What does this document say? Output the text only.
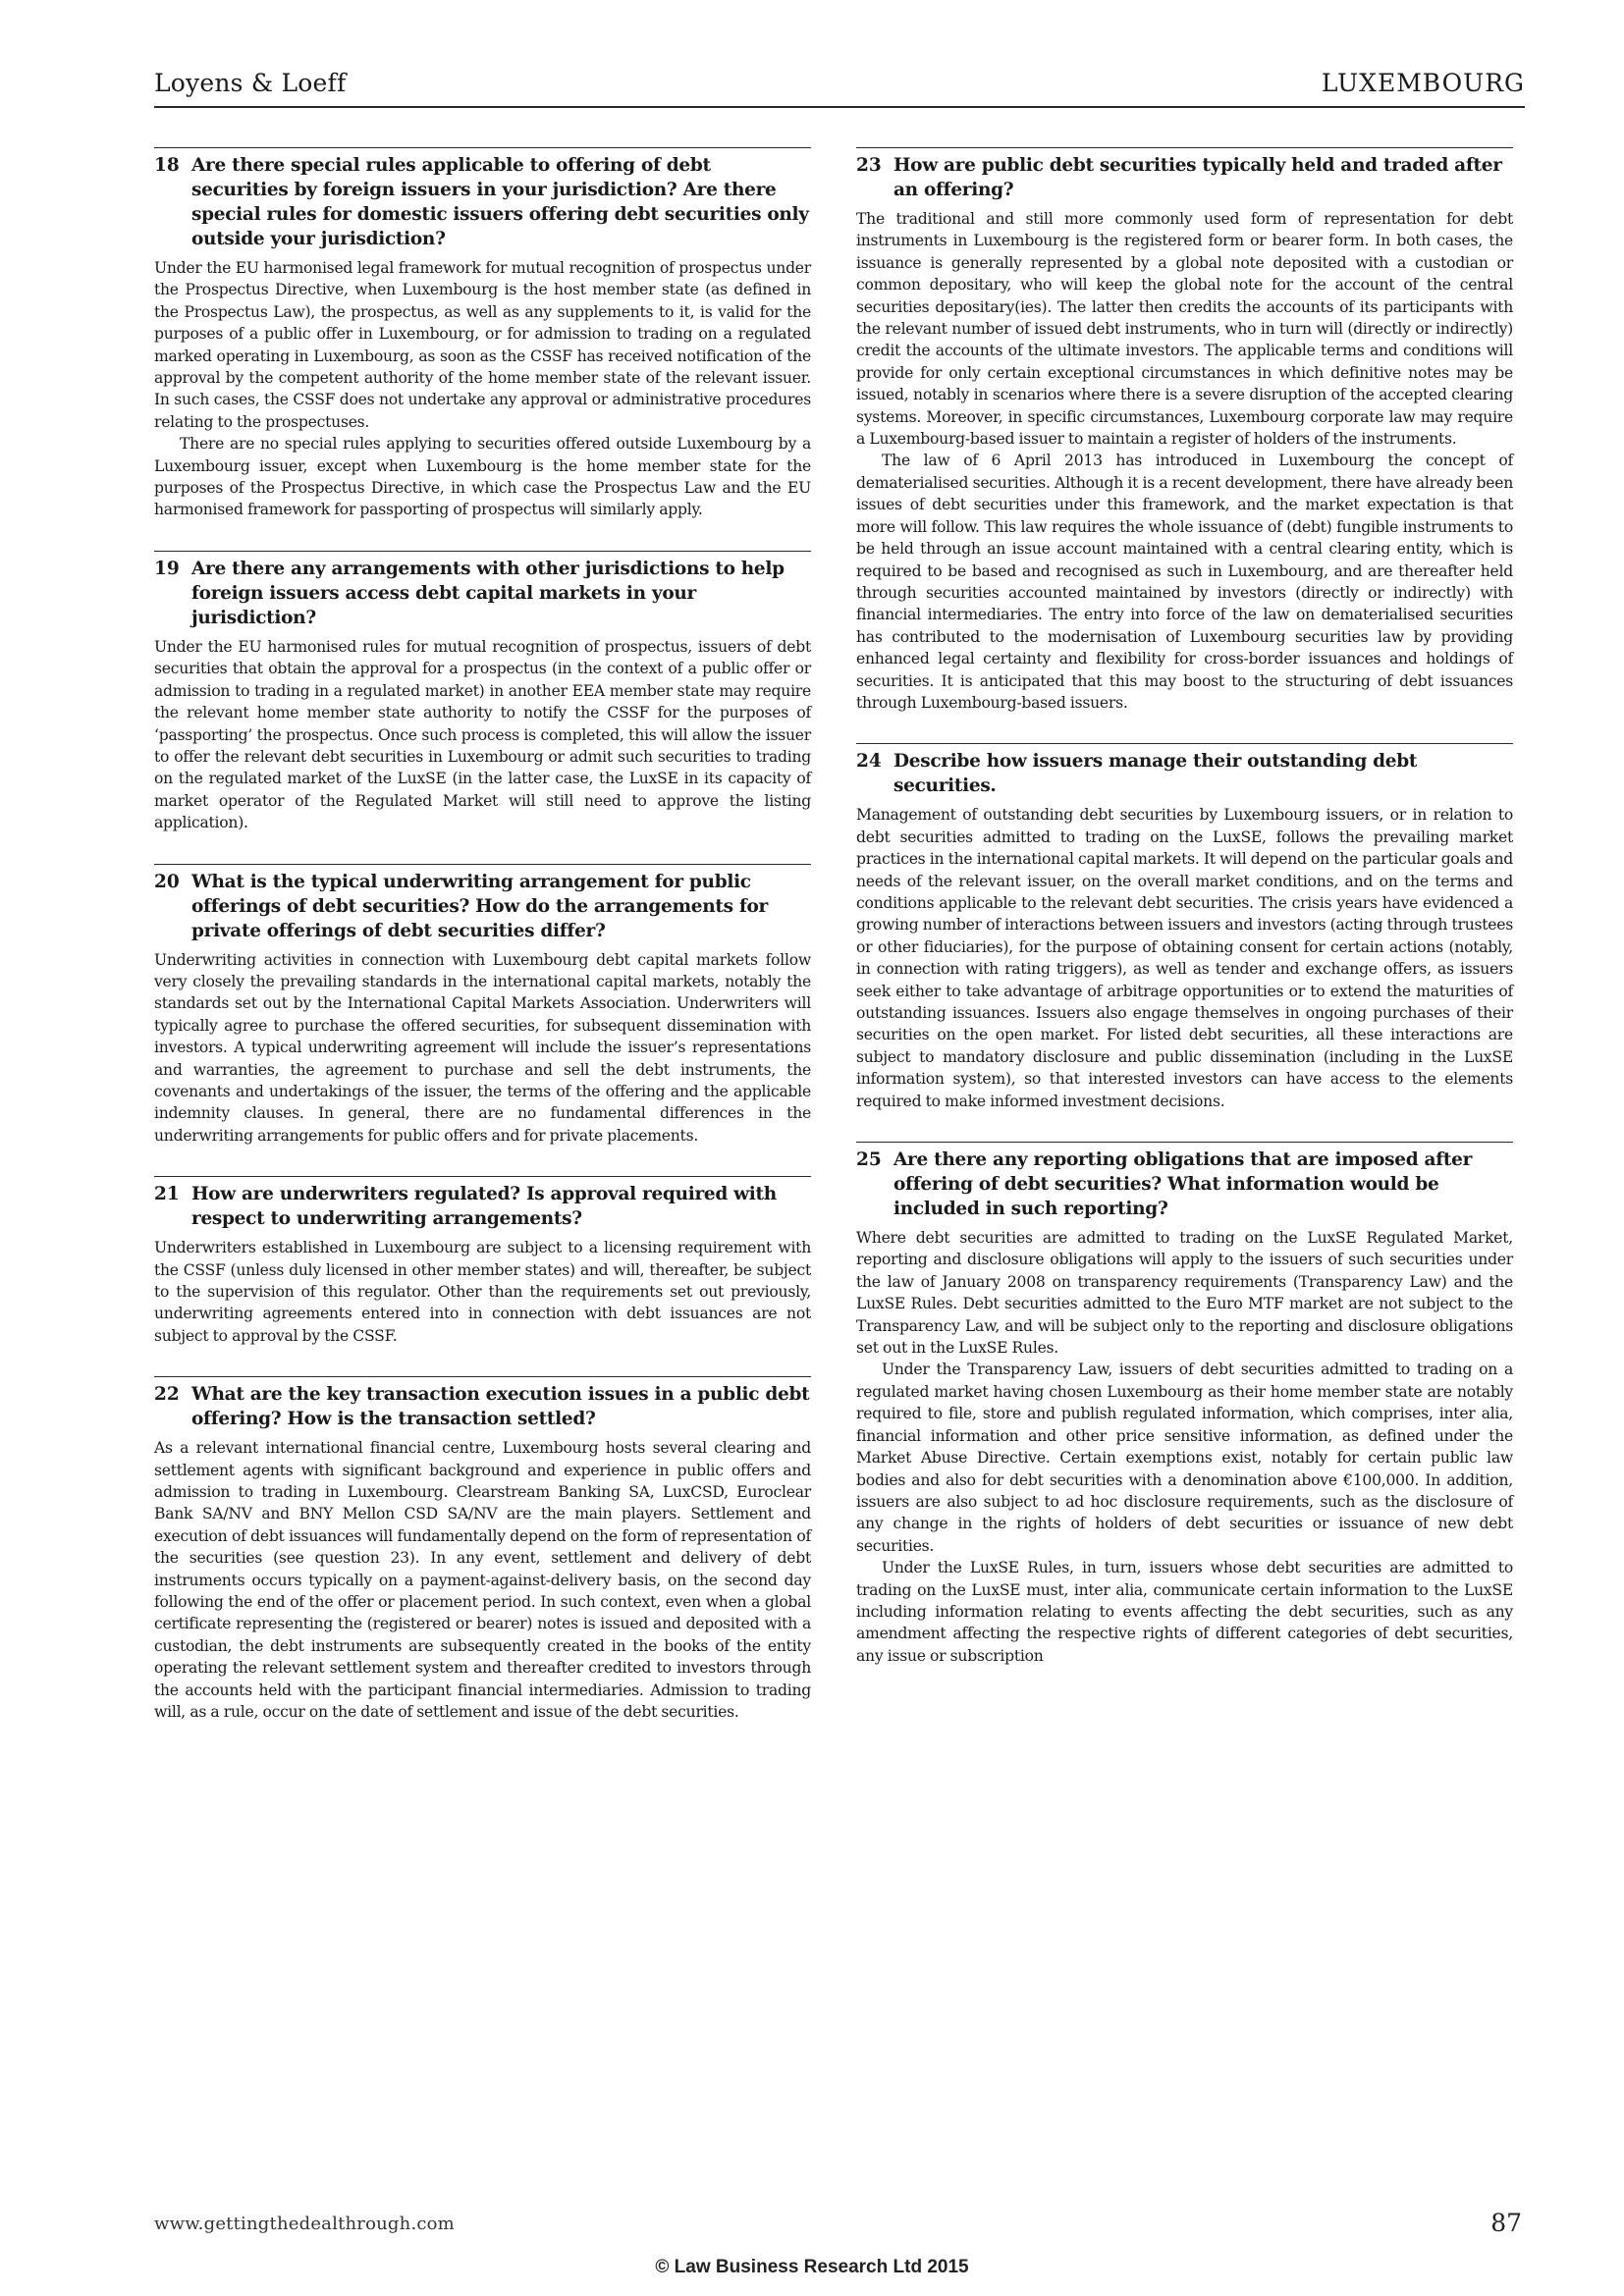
Loyens & Loeff	LUXEMBOURG
18 Are there special rules applicable to offering of debt securities by foreign issuers in your jurisdiction? Are there special rules for domestic issuers offering debt securities only outside your jurisdiction?

Under the EU harmonised legal framework for mutual recognition of prospectus under the Prospectus Directive, when Luxembourg is the host member state (as defined in the Prospectus Law), the prospectus, as well as any supplements to it, is valid for the purposes of a public offer in Luxembourg, or for admission to trading on a regulated marked operating in Luxembourg, as soon as the CSSF has received notification of the approval by the competent authority of the home member state of the relevant issuer. In such cases, the CSSF does not undertake any approval or administrative procedures relating to the prospectuses.

There are no special rules applying to securities offered outside Luxembourg by a Luxembourg issuer, except when Luxembourg is the home member state for the purposes of the Prospectus Directive, in which case the Prospectus Law and the EU harmonised framework for passporting of prospectus will similarly apply.

19 Are there any arrangements with other jurisdictions to help foreign issuers access debt capital markets in your jurisdiction?

Under the EU harmonised rules for mutual recognition of prospectus, issuers of debt securities that obtain the approval for a prospectus (in the context of a public offer or admission to trading in a regulated market) in another EEA member state may require the relevant home member state authority to notify the CSSF for the purposes of ‘passporting’ the prospectus. Once such process is completed, this will allow the issuer to offer the relevant debt securities in Luxembourg or admit such securities to trading on the regulated market of the LuxSE (in the latter case, the LuxSE in its capacity of market operator of the Regulated Market will still need to approve the listing application).

20 What is the typical underwriting arrangement for public offerings of debt securities? How do the arrangements for private offerings of debt securities differ?

Underwriting activities in connection with Luxembourg debt capital markets follow very closely the prevailing standards in the international capital markets, notably the standards set out by the International Capital Markets Association. Underwriters will typically agree to purchase the offered securities, for subsequent dissemination with investors. A typical underwriting agreement will include the issuer’s representations and warranties, the agreement to purchase and sell the debt instruments, the covenants and undertakings of the issuer, the terms of the offering and the applicable indemnity clauses. In general, there are no fundamental differences in the underwriting arrangements for public offers and for private placements.

21 How are underwriters regulated? Is approval required with respect to underwriting arrangements?

Underwriters established in Luxembourg are subject to a licensing requirement with the CSSF (unless duly licensed in other member states) and will, thereafter, be subject to the supervision of this regulator. Other than the requirements set out previously, underwriting agreements entered into in connection with debt issuances are not subject to approval by the CSSF.

22 What are the key transaction execution issues in a public debt offering? How is the transaction settled?

As a relevant international financial centre, Luxembourg hosts several clearing and settlement agents with significant background and experience in public offers and admission to trading in Luxembourg. Clearstream Banking SA, LuxCSD, Euroclear Bank SA/NV and BNY Mellon CSD SA/NV are the main players. Settlement and execution of debt issuances will fundamentally depend on the form of representation of the securities (see question 23). In any event, settlement and delivery of debt instruments occurs typically on a payment-against-delivery basis, on the second day following the end of the offer or placement period. In such context, even when a global certificate representing the (registered or bearer) notes is issued and deposited with a custodian, the debt instruments are subsequently created in the books of the entity operating the relevant settlement system and thereafter credited to investors through the accounts held with the participant financial intermediaries. Admission to trading will, as a rule, occur on the date of settlement and issue of the debt securities.

23 How are public debt securities typically held and traded after an offering?

The traditional and still more commonly used form of representation for debt instruments in Luxembourg is the registered form or bearer form. In both cases, the issuance is generally represented by a global note deposited with a custodian or common depositary, who will keep the global note for the account of the central securities depositary(ies). The latter then credits the accounts of its participants with the relevant number of issued debt instruments, who in turn will (directly or indirectly) credit the accounts of the ultimate investors. The applicable terms and conditions will provide for only certain exceptional circumstances in which definitive notes may be issued, notably in scenarios where there is a severe disruption of the accepted clearing systems. Moreover, in specific circumstances, Luxembourg corporate law may require a Luxembourg-based issuer to maintain a register of holders of the instruments.

The law of 6 April 2013 has introduced in Luxembourg the concept of dematerialised securities. Although it is a recent development, there have already been issues of debt securities under this framework, and the market expectation is that more will follow. This law requires the whole issuance of (debt) fungible instruments to be held through an issue account maintained with a central clearing entity, which is required to be based and recognised as such in Luxembourg, and are thereafter held through securities accounted maintained by investors (directly or indirectly) with financial intermediaries. The entry into force of the law on dematerialised securities has contributed to the modernisation of Luxembourg securities law by providing enhanced legal certainty and flexibility for cross-border issuances and holdings of securities. It is anticipated that this may boost to the structuring of debt issuances through Luxembourg-based issuers.

24 Describe how issuers manage their outstanding debt securities.

Management of outstanding debt securities by Luxembourg issuers, or in relation to debt securities admitted to trading on the LuxSE, follows the prevailing market practices in the international capital markets. It will depend on the particular goals and needs of the relevant issuer, on the overall market conditions, and on the terms and conditions applicable to the relevant debt securities. The crisis years have evidenced a growing number of interactions between issuers and investors (acting through trustees or other fiduciaries), for the purpose of obtaining consent for certain actions (notably, in connection with rating triggers), as well as tender and exchange offers, as issuers seek either to take advantage of arbitrage opportunities or to extend the maturities of outstanding issuances. Issuers also engage themselves in ongoing purchases of their securities on the open market. For listed debt securities, all these interactions are subject to mandatory disclosure and public dissemination (including in the LuxSE information system), so that interested investors can have access to the elements required to make informed investment decisions.

25 Are there any reporting obligations that are imposed after offering of debt securities? What information would be included in such reporting?

Where debt securities are admitted to trading on the LuxSE Regulated Market, reporting and disclosure obligations will apply to the issuers of such securities under the law of January 2008 on transparency requirements (Transparency Law) and the LuxSE Rules. Debt securities admitted to the Euro MTF market are not subject to the Transparency Law, and will be subject only to the reporting and disclosure obligations set out in the LuxSE Rules.

Under the Transparency Law, issuers of debt securities admitted to trading on a regulated market having chosen Luxembourg as their home member state are notably required to file, store and publish regulated information, which comprises, inter alia, financial information and other price sensitive information, as defined under the Market Abuse Directive. Certain exemptions exist, notably for certain public law bodies and also for debt securities with a denomination above €100,000. In addition, issuers are also subject to ad hoc disclosure requirements, such as the disclosure of any change in the rights of holders of debt securities or issuance of new debt securities.

Under the LuxSE Rules, in turn, issuers whose debt securities are admitted to trading on the LuxSE must, inter alia, communicate certain information to the LuxSE including information relating to events affecting the debt securities, such as any amendment affecting the respective rights of different categories of debt securities, any issue or subscription

www.gettingthedealthrough.com	87
© Law Business Research Ltd 2015
